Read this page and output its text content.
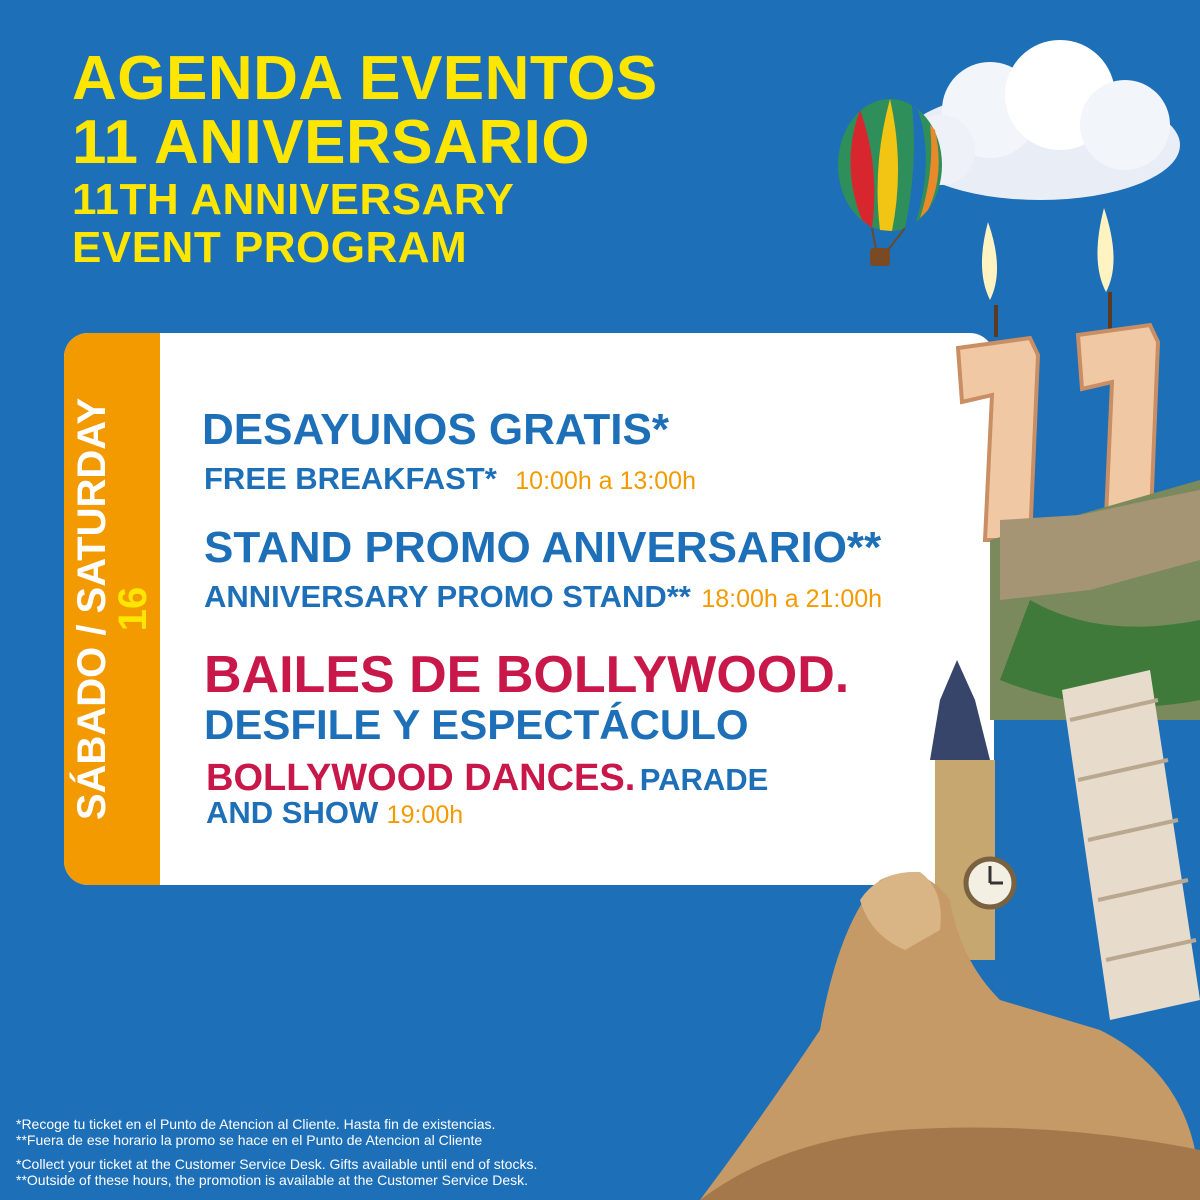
AGENDA EVENTOS
11 ANIVERSARIO
11TH ANNIVERSARY
EVENT PROGRAM
SÁBADO / SATURDAY
16
DESAYUNOS GRATIS*
FREE BREAKFAST* 10:00h a 13:00h
STAND PROMO ANIVERSARIO**
ANNIVERSARY PROMO STAND** 18:00h a 21:00h
BAILES DE BOLLYWOOD.
DESFILE Y ESPECTÁCULO
BOLLYWOOD DANCES. PARADE
AND SHOW 19:00h
*Recoge tu ticket en el Punto de Atencion al Cliente. Hasta fin de existencias.
**Fuera de ese horario la promo se hace en el Punto de Atencion al Cliente
*Collect your ticket at the Customer Service Desk. Gifts available until end of stocks.
**Outside of these hours, the promotion is available at the Customer Service Desk.
